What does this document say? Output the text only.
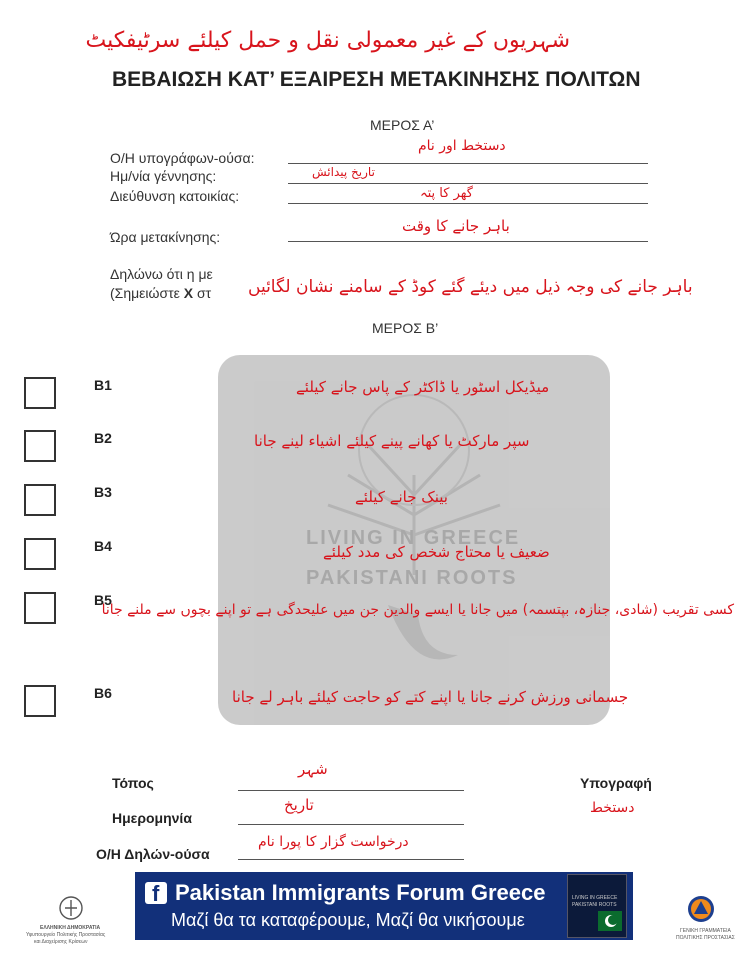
شہریوں کے غیر معمولی نقل و حمل کیلئے سرٹیفکیٹ
ΒΕΒΑΙΩΣΗ ΚΑΤ’ ΕΞΑΙΡΕΣΗ ΜΕΤΑΚΙΝΗΣΗΣ ΠΟΛΙΤΩΝ
ΜΕΡΟΣ Α’
Ο/Η υπογράφων-ούσα:
دستخط اور نام
Ημ/νία γέννησης:	تاریخ پیدائش
Διεύθυνση κατοικίας:	گھر کا پتہ
Ώρα μετακίνησης:
باہر جانے کا وقت
Δηλώνω ότι η με
(Σημειώστε Χ στ باہر جانے کی وجہ ذیل میں دیئے گئے کوڈ کے سامنے نشان لگائیں
ΜΕΡΟΣ Β’
LIVING IN GREECE
PAKISTANI ROOTS
B1	میڈیکل اسٹور یا ڈاکٹر کے پاس جانے کیلئے
B2	سپر مارکٹ یا کھانے پینے کیلئے اشیاء لینے جانا
B3	بینک جانے کیلئے
B4	ضعیف یا محتاج شخص کی مدد کیلئے
B5
کسی تقریب (شادی، جنازہ، بپتسمہ) میں جانا یا ایسے والدین جن میں علیحدگی ہے تو اپنے بچوں سے ملنے جانا
B6	جسمانی ورزش کرنے جانا یا اپنے کتے کو حاجت کیلئے باہر لے جانا
Τόπος
شہر
Ημερομηνία
تاریخ
Ο/Η Δηλών-ούσα
درخواست گزار کا پورا نام
Υπογραφή
دستخط
ΕΛΛΗΝΙΚΗ ΔΗΜΟΚΡΑΤΙΑ
Υφυπουργείο Πολιτικής Προστασίας
και Διαχείρισης Κρίσεων
f Pakistan Immigrants Forum Greece
Μαζί θα τα καταφέρουμε, Μαζί θα νικήσουμε
LIVING IN GREECE
PAKISTANI ROOTS
ΓΕΝΙΚΗ ΓΡΑΜΜΑΤΕΙΑ
ΠΟΛΙΤΙΚΗΣ ΠΡΟΣΤΑΣΙΑΣ
